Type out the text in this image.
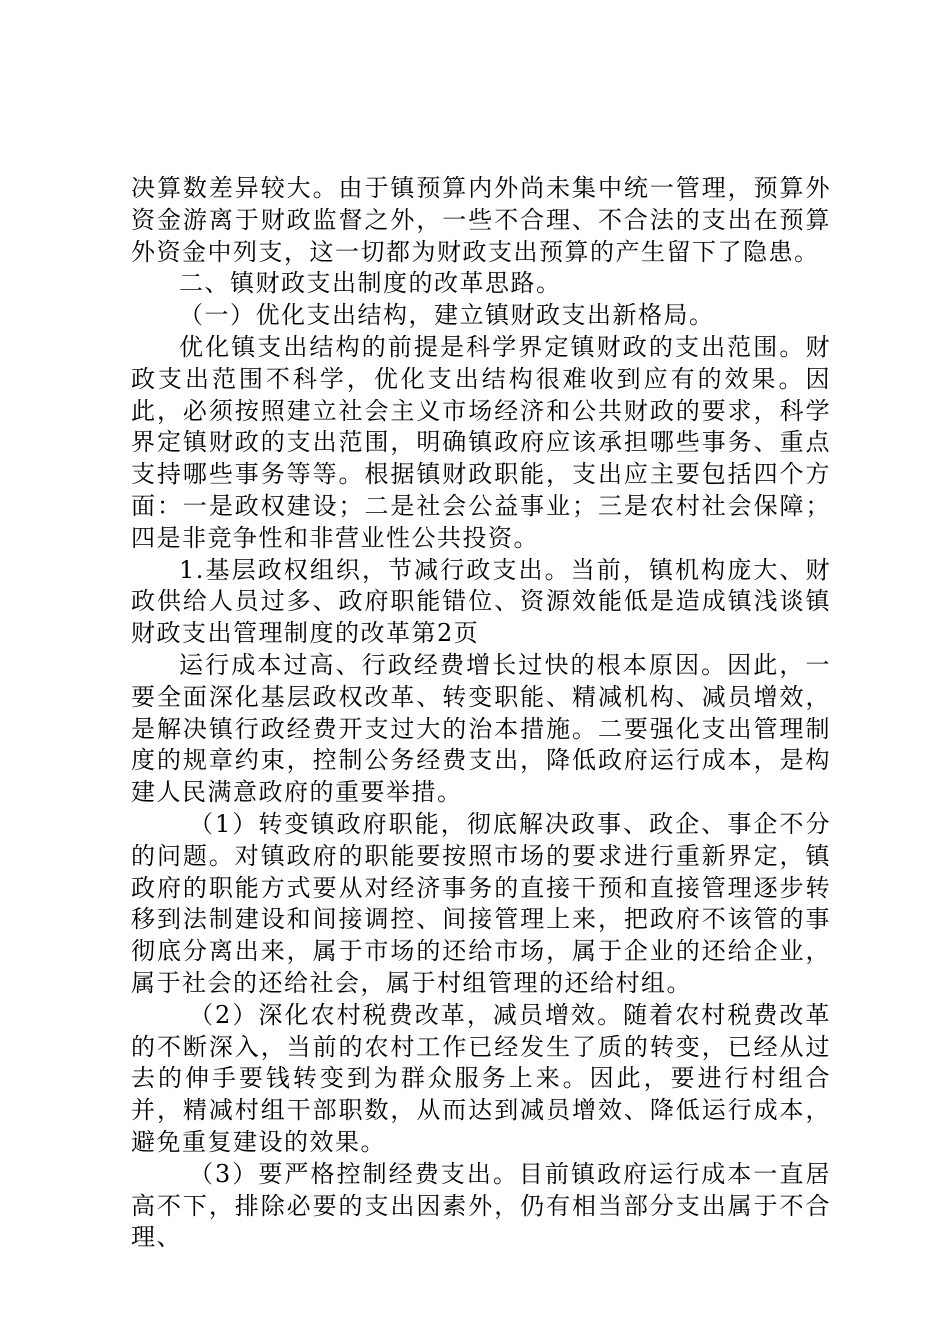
决算数差异较大。由于镇预算内外尚未集中统一管理，预算外资金游离于财政监督之外，一些不合理、不合法的支出在预算外资金中列支，这一切都为财政支出预算的产生留下了隐患。

二、镇财政支出制度的改革思路。

（一）优化支出结构，建立镇财政支出新格局。

优化镇支出结构的前提是科学界定镇财政的支出范围。财政支出范围不科学，优化支出结构很难收到应有的效果。因此，必须按照建立社会主义市场经济和公共财政的要求，科学界定镇财政的支出范围，明确镇政府应该承担哪些事务、重点支持哪些事务等等。根据镇财政职能，支出应主要包括四个方面：一是政权建设；二是社会公益事业；三是农村社会保障；四是非竞争性和非营业性公共投资。

1.基层政权组织，节减行政支出。当前，镇机构庞大、财政供给人员过多、政府职能错位、资源效能低是造成镇浅谈镇财政支出管理制度的改革第2页

运行成本过高、行政经费增长过快的根本原因。因此，一要全面深化基层政权改革、转变职能、精减机构、减员增效，是解决镇行政经费开支过大的治本措施。二要强化支出管理制度的规章约束，控制公务经费支出，降低政府运行成本，是构建人民满意政府的重要举措。

（1）转变镇政府职能，彻底解决政事、政企、事企不分的问题。对镇政府的职能要按照市场的要求进行重新界定，镇政府的职能方式要从对经济事务的直接干预和直接管理逐步转移到法制建设和间接调控、间接管理上来，把政府不该管的事彻底分离出来，属于市场的还给市场，属于企业的还给企业，属于社会的还给社会，属于村组管理的还给村组。

（2）深化农村税费改革，减员增效。随着农村税费改革的不断深入，当前的农村工作已经发生了质的转变，已经从过去的伸手要钱转变到为群众服务上来。因此，要进行村组合并，精减村组干部职数，从而达到减员增效、降低运行成本，避免重复建设的效果。

（3）要严格控制经费支出。目前镇政府运行成本一直居高不下，排除必要的支出因素外，仍有相当部分支出属于不合理、
